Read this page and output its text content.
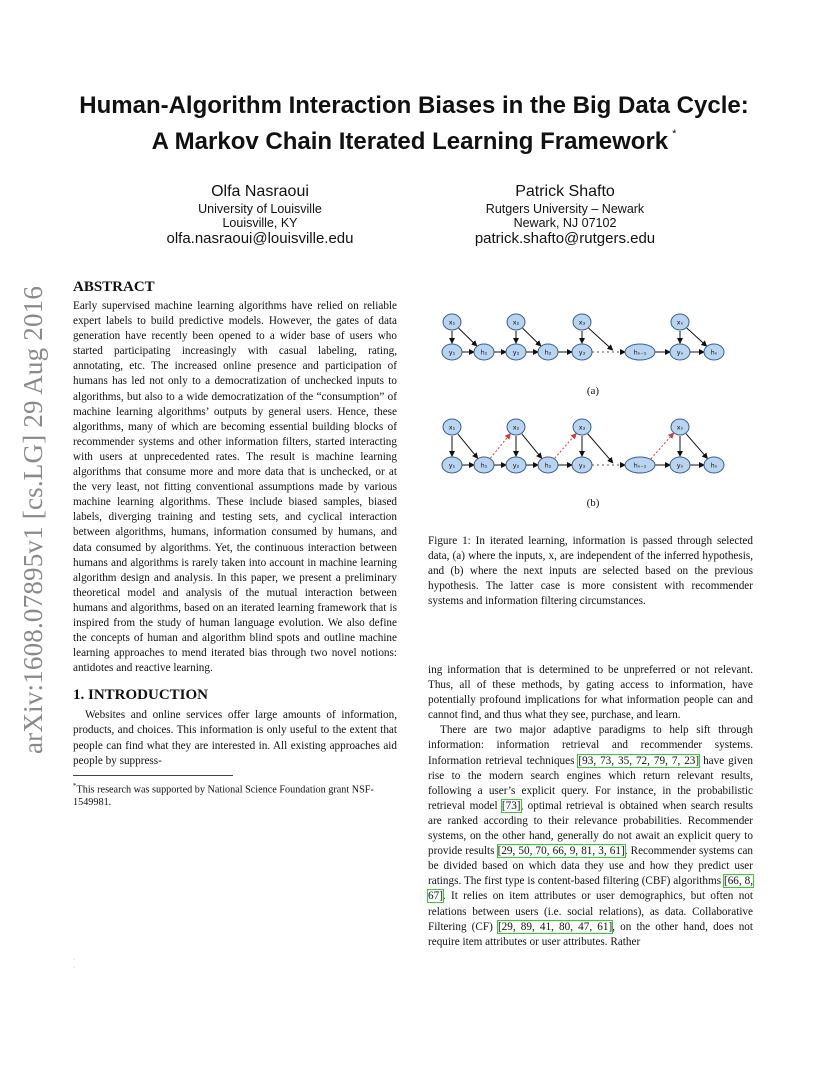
arXiv:1608.07895v1 [cs.LG] 29 Aug 2016
Human-Algorithm Interaction Biases in the Big Data Cycle:
A Markov Chain Iterated Learning Framework *
Olfa Nasraoui
University of Louisville
Louisville, KY
olfa.nasraoui@louisville.edu
Patrick Shafto
Rutgers University – Newark
Newark, NJ 07102
patrick.shafto@rutgers.edu
ABSTRACT

Early supervised machine learning algorithms have relied on reliable expert labels to build predictive models. However, the gates of data generation have recently been opened to a wider base of users who started participating increasingly with casual labeling, rating, annotating, etc. The increased online presence and participation of humans has led not only to a democratization of unchecked inputs to algorithms, but also to a wide democratization of the “consumption” of machine learning algorithms’ outputs by general users. Hence, these algorithms, many of which are becoming essential building blocks of recommender systems and other information filters, started interacting with users at unprecedented rates. The result is machine learning algorithms that consume more and more data that is unchecked, or at the very least, not fitting conventional assumptions made by various machine learning algorithms. These include biased samples, biased labels, diverging training and testing sets, and cyclical interaction between algorithms, humans, information consumed by humans, and data consumed by algorithms. Yet, the continuous interaction between humans and algorithms is rarely taken into account in machine learning algorithm design and analysis. In this paper, we present a preliminary theoretical model and analysis of the mutual interaction between humans and algorithms, based on an iterated learning framework that is inspired from the study of human language evolution. We also define the concepts of human and algorithm blind spots and outline machine learning approaches to mend iterated bias through two novel notions: antidotes and reactive learning.

1. INTRODUCTION

Websites and online services offer large amounts of information, products, and choices. This information is only useful to the extent that people can find what they are interested in. All existing approaches aid people by suppress-

*This research was supported by National Science Foundation grant NSF-1549981.
x₁	x₂	x₃	xₙ
y₁	h₁	y₂	h₂	y₃	hₙ₋₁	yₙ	hₙ
(a)
x₁	x₂	x₃	xₙ
y₁	h₁	y₂	h₂	y₃	hₙ₋₁	yₙ	hₙ
(b)
Figure 1: In iterated learning, information is passed through selected data, (a) where the inputs, x, are independent of the inferred hypothesis, and (b) where the next inputs are selected based on the previous hypothesis. The latter case is more consistent with recommender systems and information filtering circumstances.

ing information that is determined to be unpreferred or not relevant. Thus, all of these methods, by gating access to information, have potentially profound implications for what information people can and cannot find, and thus what they see, purchase, and learn.

There are two major adaptive paradigms to help sift through information: information retrieval and recommender systems. Information retrieval techniques [93, 73, 35, 72, 79, 7, 23] have given rise to the modern search engines which return relevant results, following a user’s explicit query. For instance, in the probabilistic retrieval model [73], optimal retrieval is obtained when search results are ranked according to their relevance probabilities. Recommender systems, on the other hand, generally do not await an explicit query to provide results [29, 50, 70, 66, 9, 81, 3, 61]. Recommender systems can be divided based on which data they use and how they predict user ratings. The first type is content-based filtering (CBF) algorithms [66, 8, 67]. It relies on item attributes or user demographics, but often not relations between users (i.e. social relations), as data. Collaborative Filtering (CF) [29, 89, 41, 80, 47, 61], on the other hand, does not require item attributes or user attributes. Rather

·
·
